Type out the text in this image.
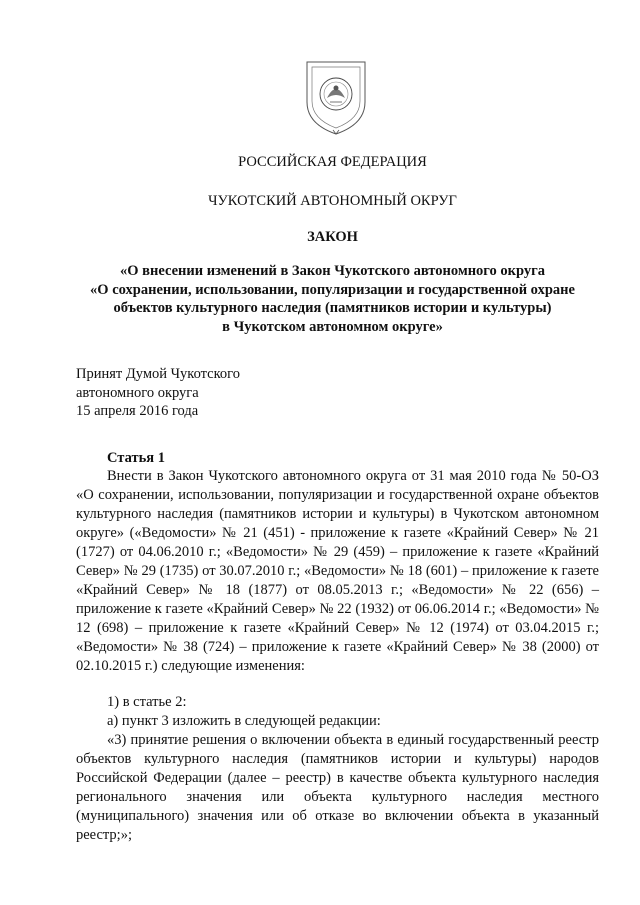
РОССИЙСКАЯ ФЕДЕРАЦИЯ
ЧУКОТСКИЙ АВТОНОМНЫЙ ОКРУГ
ЗАКОН
«О внесении изменений в Закон Чукотского автономного округа
«О сохранении, использовании, популяризации и государственной охране
объектов культурного наследия (памятников истории и культуры)
в Чукотском автономном округе»
Принят Думой Чукотского
автономного округа
15 апреля 2016 года
Статья 1

Внести в Закон Чукотского автономного округа от 31 мая 2010 года № 50-ОЗ «О сохранении, использовании, популяризации и государственной охране объектов культурного наследия (памятников истории и культуры) в Чукотском автономном округе» («Ведомости» № 21 (451) - приложение к газете «Крайний Север» № 21 (1727) от 04.06.2010 г.; «Ведомости» № 29 (459) – приложение к газете «Крайний Север» № 29 (1735) от 30.07.2010 г.; «Ведомости» № 18 (601) – приложение к газете «Крайний Север» № 18 (1877) от 08.05.2013 г.; «Ведомости» № 22 (656) – приложение к газете «Крайний Север» № 22 (1932) от 06.06.2014 г.; «Ведомости» № 12 (698) – приложение к газете «Крайний Север» № 12 (1974) от 03.04.2015 г.; «Ведомости» № 38 (724) – приложение к газете «Крайний Север» № 38 (2000) от 02.10.2015 г.) следующие изменения:

1) в статье 2:
а) пункт 3 изложить в следующей редакции:

«3) принятие решения о включении объекта в единый государственный реестр объектов культурного наследия (памятников истории и культуры) народов Российской Федерации (далее – реестр) в качестве объекта культурного наследия регионального значения или объекта культурного наследия местного (муниципального) значения или об отказе во включении объекта в указанный реестр;»;
